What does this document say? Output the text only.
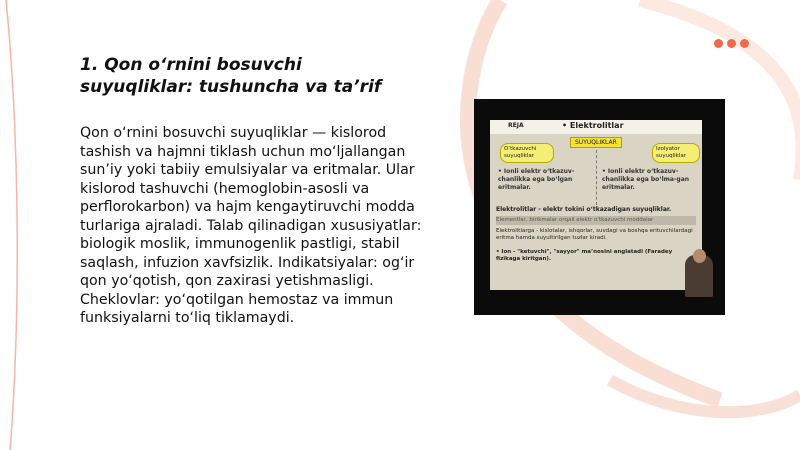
1. Qon o‘rnini bosuvchi suyuqliklar: tushuncha va ta’rif
Qon o‘rnini bosuvchi suyuqliklar — kislorod tashish va hajmni tiklash uchun mo‘ljallangan sun’iy yoki tabiiy emulsiyalar va eritmalar. Ular kislorod tashuvchi (hemoglobin-asosli va perflorokarbon) va hajm kengaytiruvchi modda turlariga ajraladi. Talab qilinadigan xususiyatlar: biologik moslik, immunogenlik pastligi, stabil saqlash, infuzion xavfsizlik. Indikatsiyalar: og‘ir qon yo‘qotish, qon zaxirasi yetishmasligi. Cheklovlar: yo‘qotilgan hemostaz va immun funksiyalarni to‘liq tiklamaydi.
REJA	• Elektrolitlar
SUYUQLIKLAR
O‘tkazuvchi suyuqliklar
Izolyator suyuqliklar
• Ionli elektr o‘tkazuv-chanlikka ega bo‘lgan eritmalar.
• Ionli elektr o‘tkazuv-chanlikka ega bo‘lma-gan eritmalar.
Elektrolitlar - elektr tokini o‘tkazadigan suyuqliklar.
Elementlar, birikmalar orqali elektr o‘tkazuvchi moddalar
Elektrolitlarga - kislotalar, ishqorlar, suvdagi va boshqa erituvchilardagi eritma hamda suyultirilgan tuzlar kiradi.
• Ion - "ketuvchi", "sayyor" ma’nosini anglatadi (Faradey fizikaga kiritgan).
